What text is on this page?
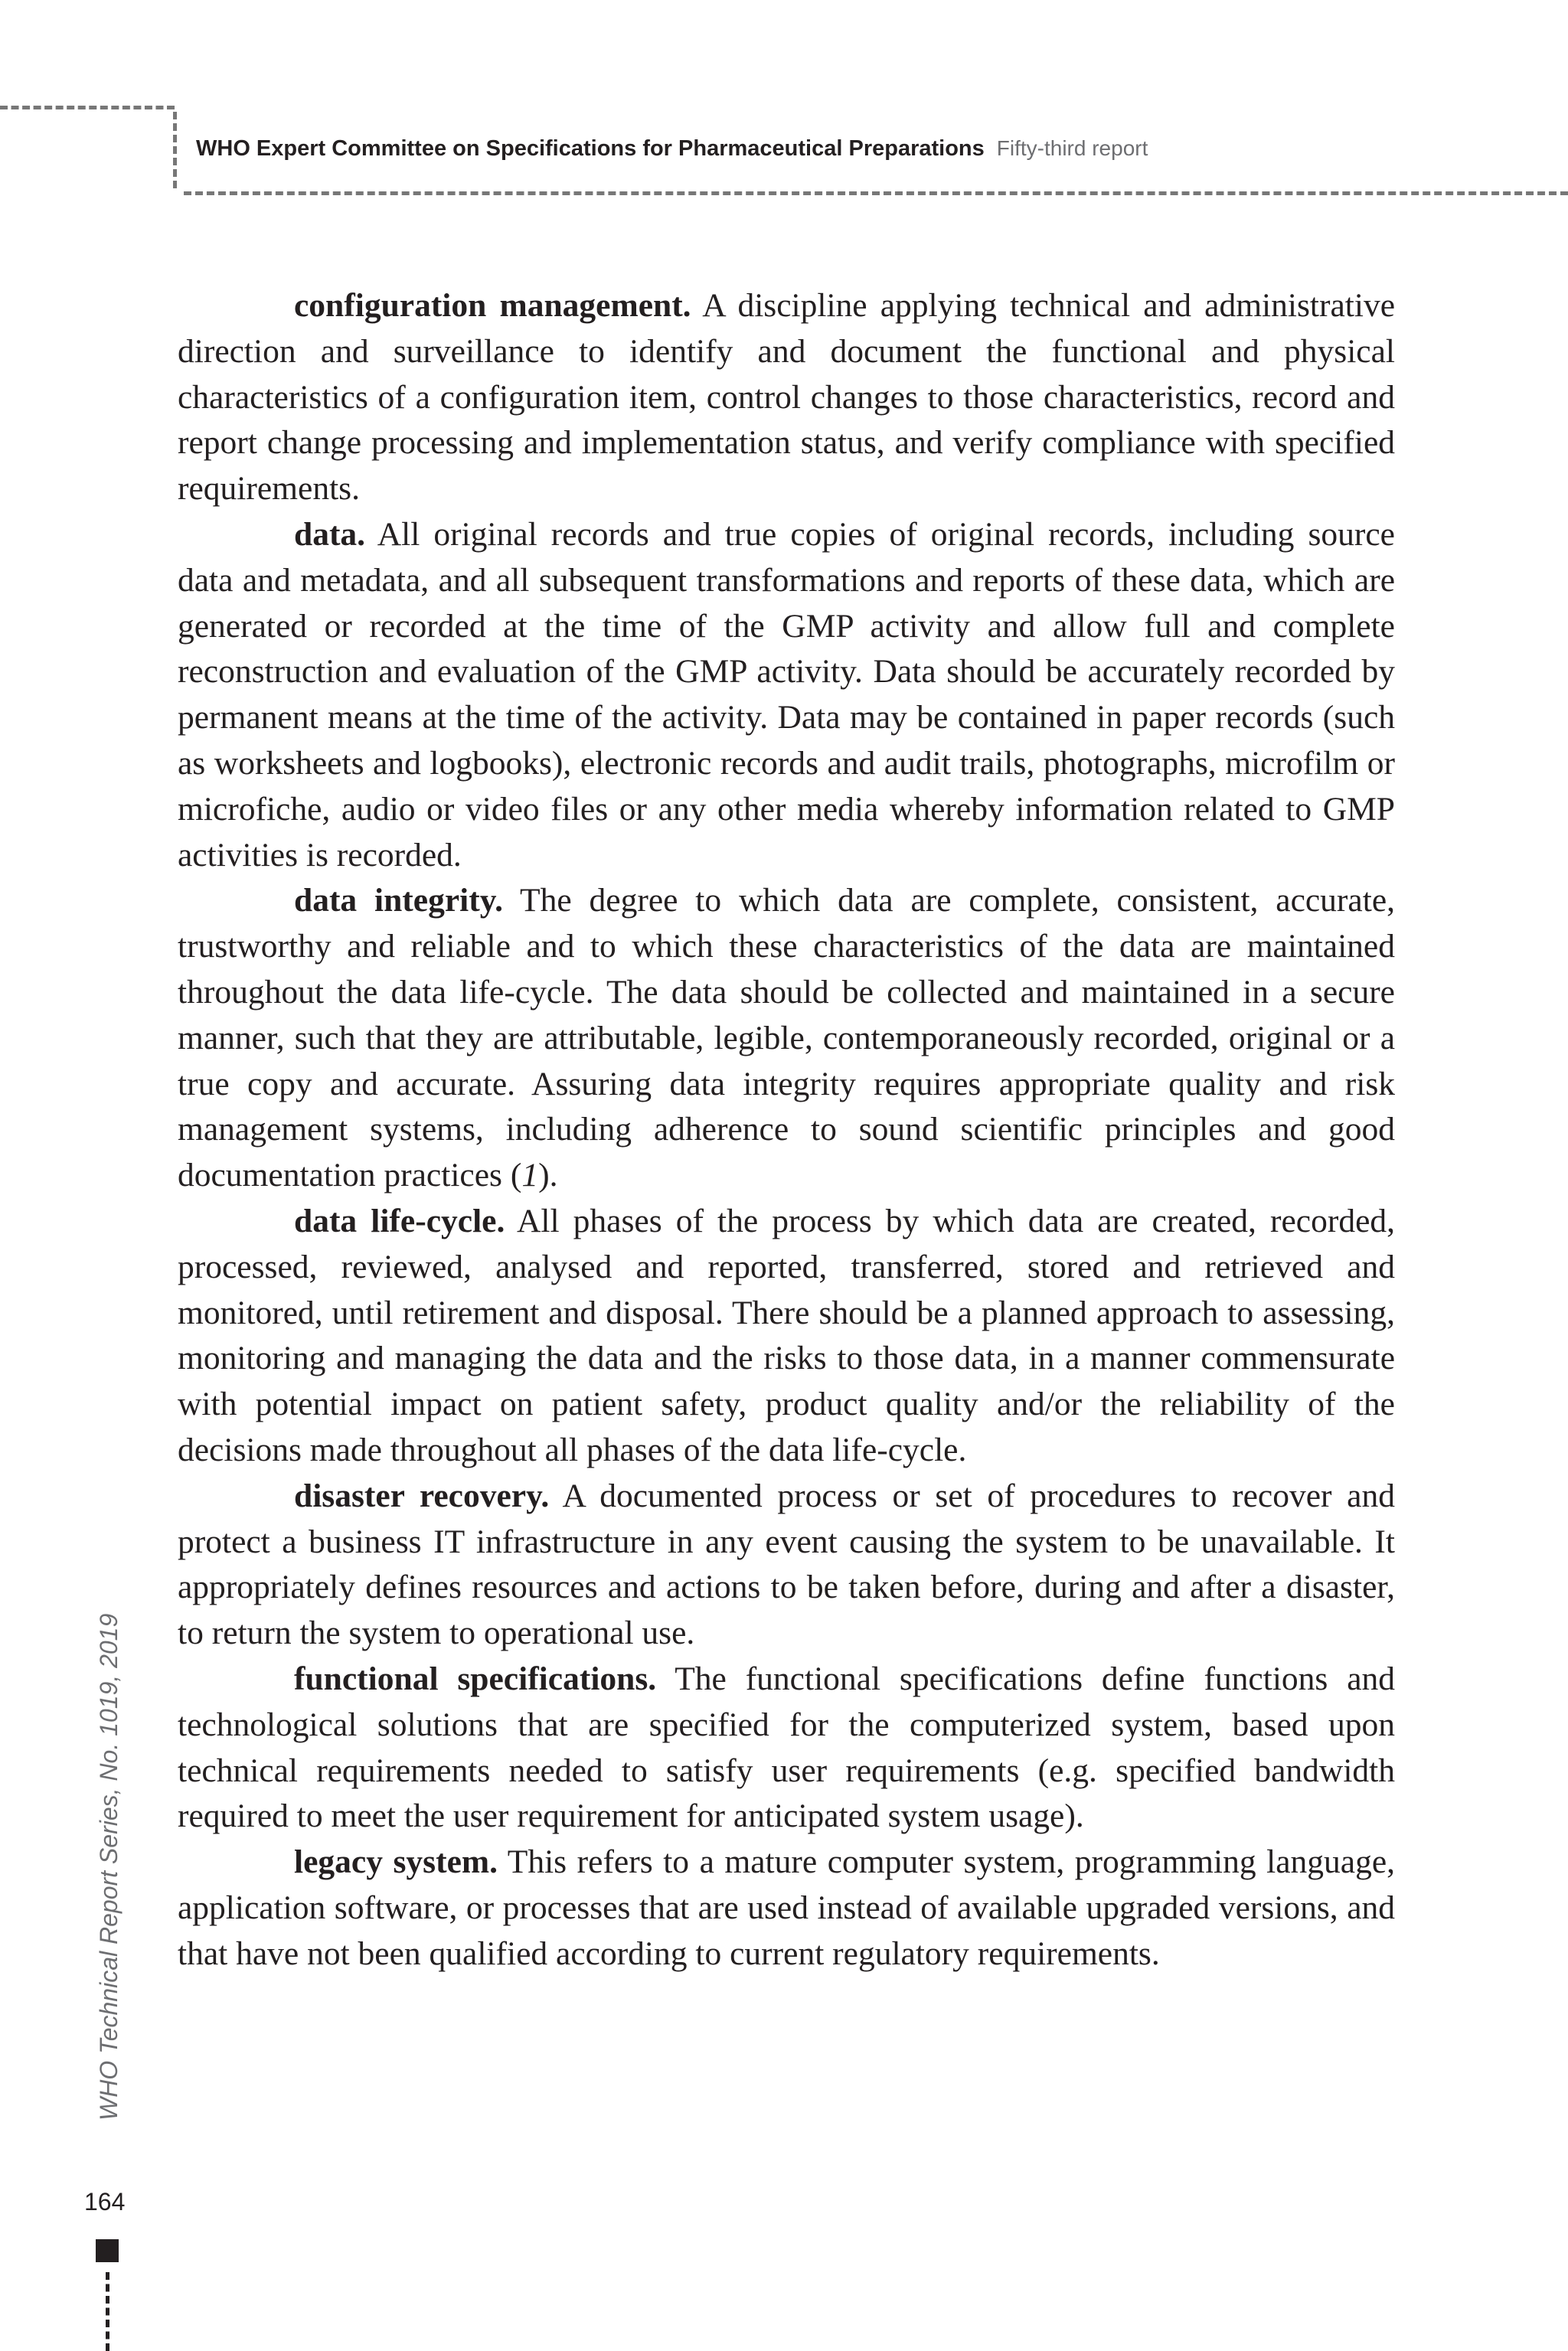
WHO Expert Committee on Specifications for Pharmaceutical Preparations Fifty-third report
WHO Technical Report Series, No. 1019, 2019
164

configuration management. A discipline applying technical and administrative direction and surveillance to identify and document the functional and physical characteristics of a configuration item, control changes to those characteristics, record and report change processing and implementation status, and verify compliance with specified requirements.

data. All original records and true copies of original records, including source data and metadata, and all subsequent transformations and reports of these data, which are generated or recorded at the time of the GMP activity and allow full and complete reconstruction and evaluation of the GMP activity. Data should be accurately recorded by permanent means at the time of the activity. Data may be contained in paper records (such as worksheets and logbooks), electronic records and audit trails, photographs, microfilm or microfiche, audio or video files or any other media whereby information related to GMP activities is recorded.

data integrity. The degree to which data are complete, consistent, accurate, trustworthy and reliable and to which these characteristics of the data are maintained throughout the data life-cycle. The data should be collected and maintained in a secure manner, such that they are attributable, legible, contemporaneously recorded, original or a true copy and accurate. Assuring data integrity requires appropriate quality and risk management systems, including adherence to sound scientific principles and good documentation practices (1).

data life-cycle. All phases of the process by which data are created, recorded, processed, reviewed, analysed and reported, transferred, stored and retrieved and monitored, until retirement and disposal. There should be a planned approach to assessing, monitoring and managing the data and the risks to those data, in a manner commensurate with potential impact on patient safety, product quality and/or the reliability of the decisions made throughout all phases of the data life-cycle.

disaster recovery. A documented process or set of procedures to recover and protect a business IT infrastructure in any event causing the system to be unavailable. It appropriately defines resources and actions to be taken before, during and after a disaster, to return the system to operational use.

functional specifications. The functional specifications define functions and technological solutions that are specified for the computerized system, based upon technical requirements needed to satisfy user requirements (e.g. specified bandwidth required to meet the user requirement for anticipated system usage).

legacy system. This refers to a mature computer system, programming language, application software, or processes that are used instead of available upgraded versions, and that have not been qualified according to current regulatory requirements.
